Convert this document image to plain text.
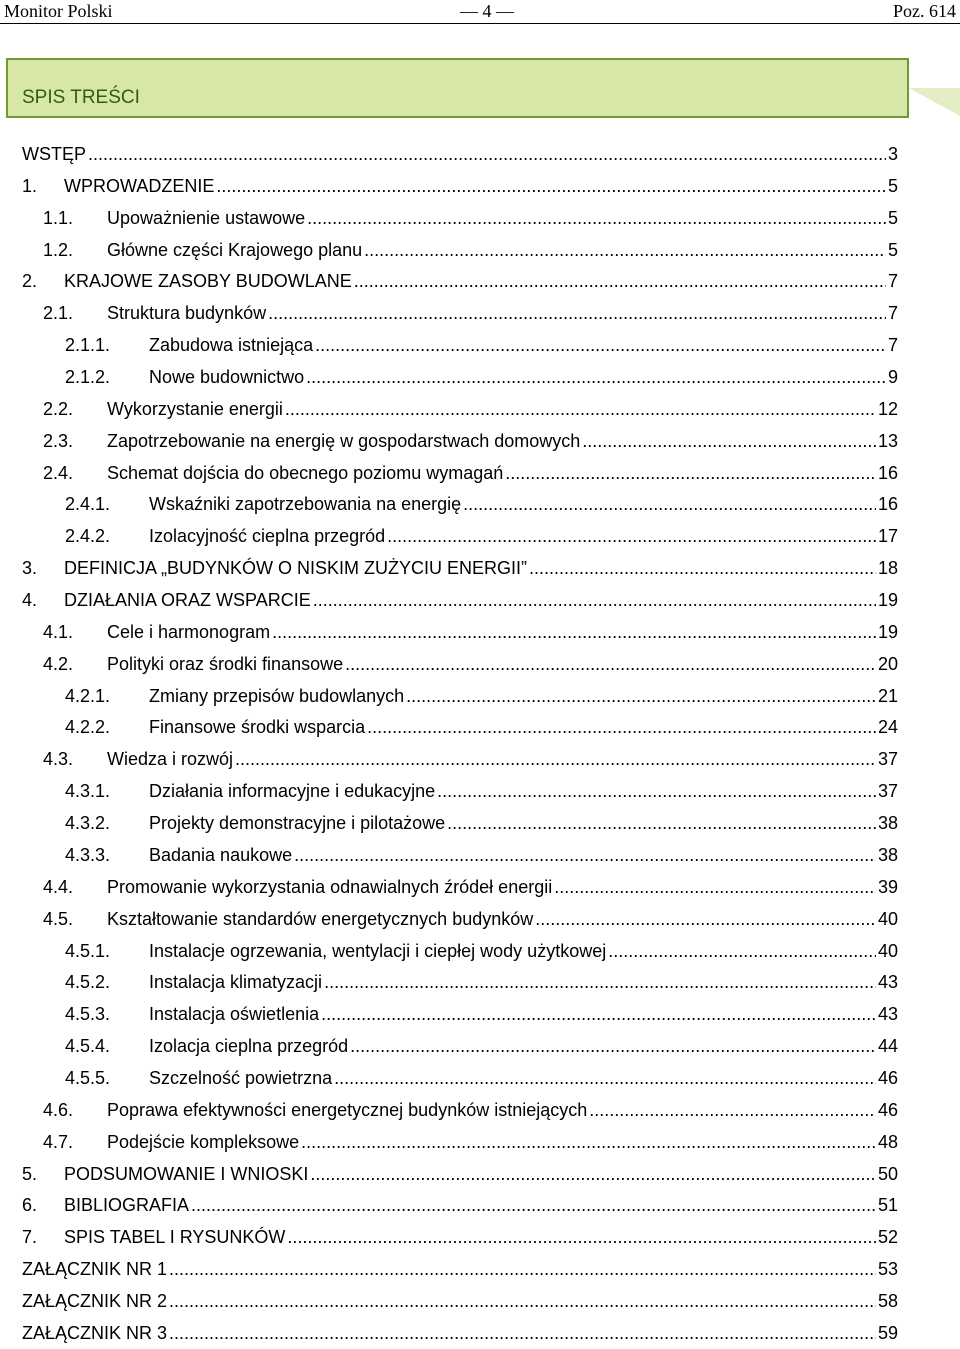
Monitor Polski	— 4 —	Poz. 614
SPIS TREŚCI
WSTĘP .....	3
1.	WPROWADZENIE .....	5
1.1.	Upoważnienie ustawowe .....	5
1.2.	Główne części Krajowego planu .....	5
2.	KRAJOWE ZASOBY BUDOWLANE .....	7
2.1.	Struktura budynków .....	7
2.1.1.	Zabudowa istniejąca .....	7
2.1.2.	Nowe budownictwo .....	9
2.2.	Wykorzystanie energii .....	12
2.3.	Zapotrzebowanie na energię w gospodarstwach domowych .....	13
2.4.	Schemat dojścia do obecnego poziomu wymagań .....	16
2.4.1.	Wskaźniki zapotrzebowania na energię .....	16
2.4.2.	Izolacyjność cieplna przegród .....	17
3.	DEFINICJA „BUDYNKÓW O NISKIM ZUŻYCIU ENERGII” .....	18
4.	DZIAŁANIA ORAZ WSPARCIE .....	19
4.1.	Cele i harmonogram .....	19
4.2.	Polityki oraz środki finansowe .....	20
4.2.1.	Zmiany przepisów budowlanych .....	21
4.2.2.	Finansowe środki wsparcia .....	24
4.3.	Wiedza i rozwój .....	37
4.3.1.	Działania informacyjne i edukacyjne .....	37
4.3.2.	Projekty demonstracyjne i pilotażowe .....	38
4.3.3.	Badania naukowe .....	38
4.4.	Promowanie wykorzystania odnawialnych źródeł energii .....	39
4.5.	Kształtowanie standardów energetycznych budynków .....	40
4.5.1.	Instalacje ogrzewania, wentylacji i ciepłej wody użytkowej .....	40
4.5.2.	Instalacja klimatyzacji .....	43
4.5.3.	Instalacja oświetlenia .....	43
4.5.4.	Izolacja cieplna przegród .....	44
4.5.5.	Szczelność powietrzna .....	46
4.6.	Poprawa efektywności energetycznej budynków istniejących .....	46
4.7.	Podejście kompleksowe .....	48
5.	PODSUMOWANIE I WNIOSKI .....	50
6.	BIBLIOGRAFIA .....	51
7.	SPIS TABEL I RYSUNKÓW .....	52
ZAŁĄCZNIK NR 1 .....	53
ZAŁĄCZNIK NR 2 .....	58
ZAŁĄCZNIK NR 3 .....	59
